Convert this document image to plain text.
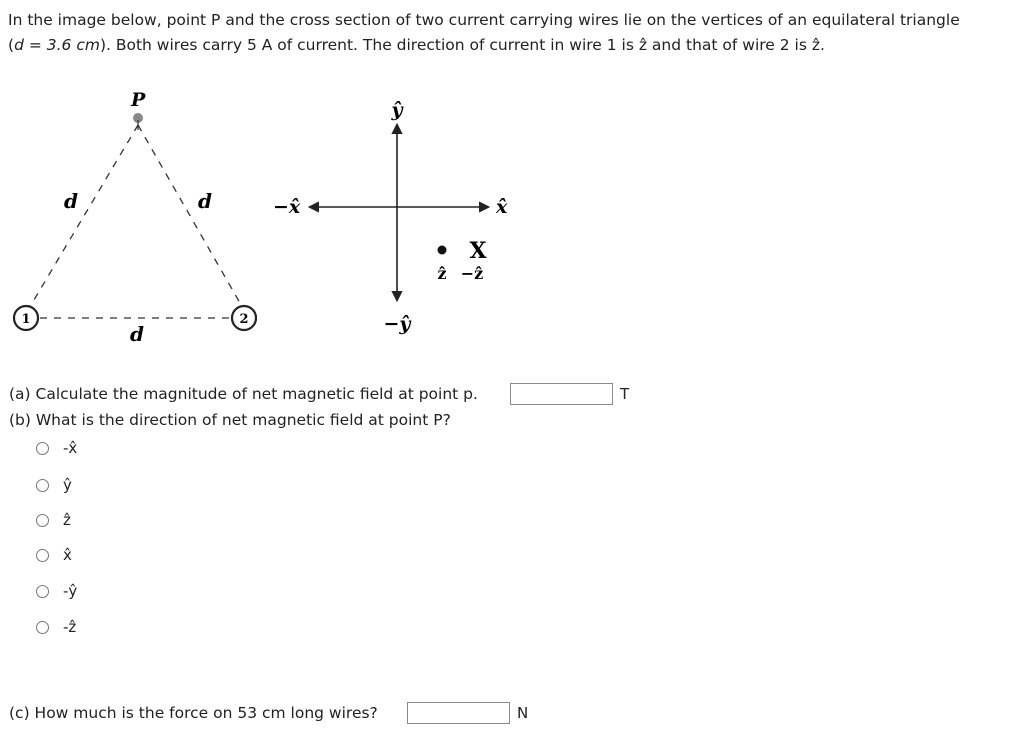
In the image below, point P and the cross section of two current carrying wires lie on the vertices of an equilateral triangle
(d = 3.6 cm). Both wires carry 5 A of current. The direction of current in wire 1 is ẑ and that of wire 2 is ẑ.
P
d	d
d
1	2
ŷ
−ŷ
x̂
−x̂
ẑ
X
−ẑ
(a) Calculate the magnitude of net magnetic field at point p.	T
(b) What is the direction of net magnetic field at point P?
-x̂
ŷ
ẑ
x̂
-ŷ
-ẑ
(c) How much is the force on 53 cm long wires?	N
